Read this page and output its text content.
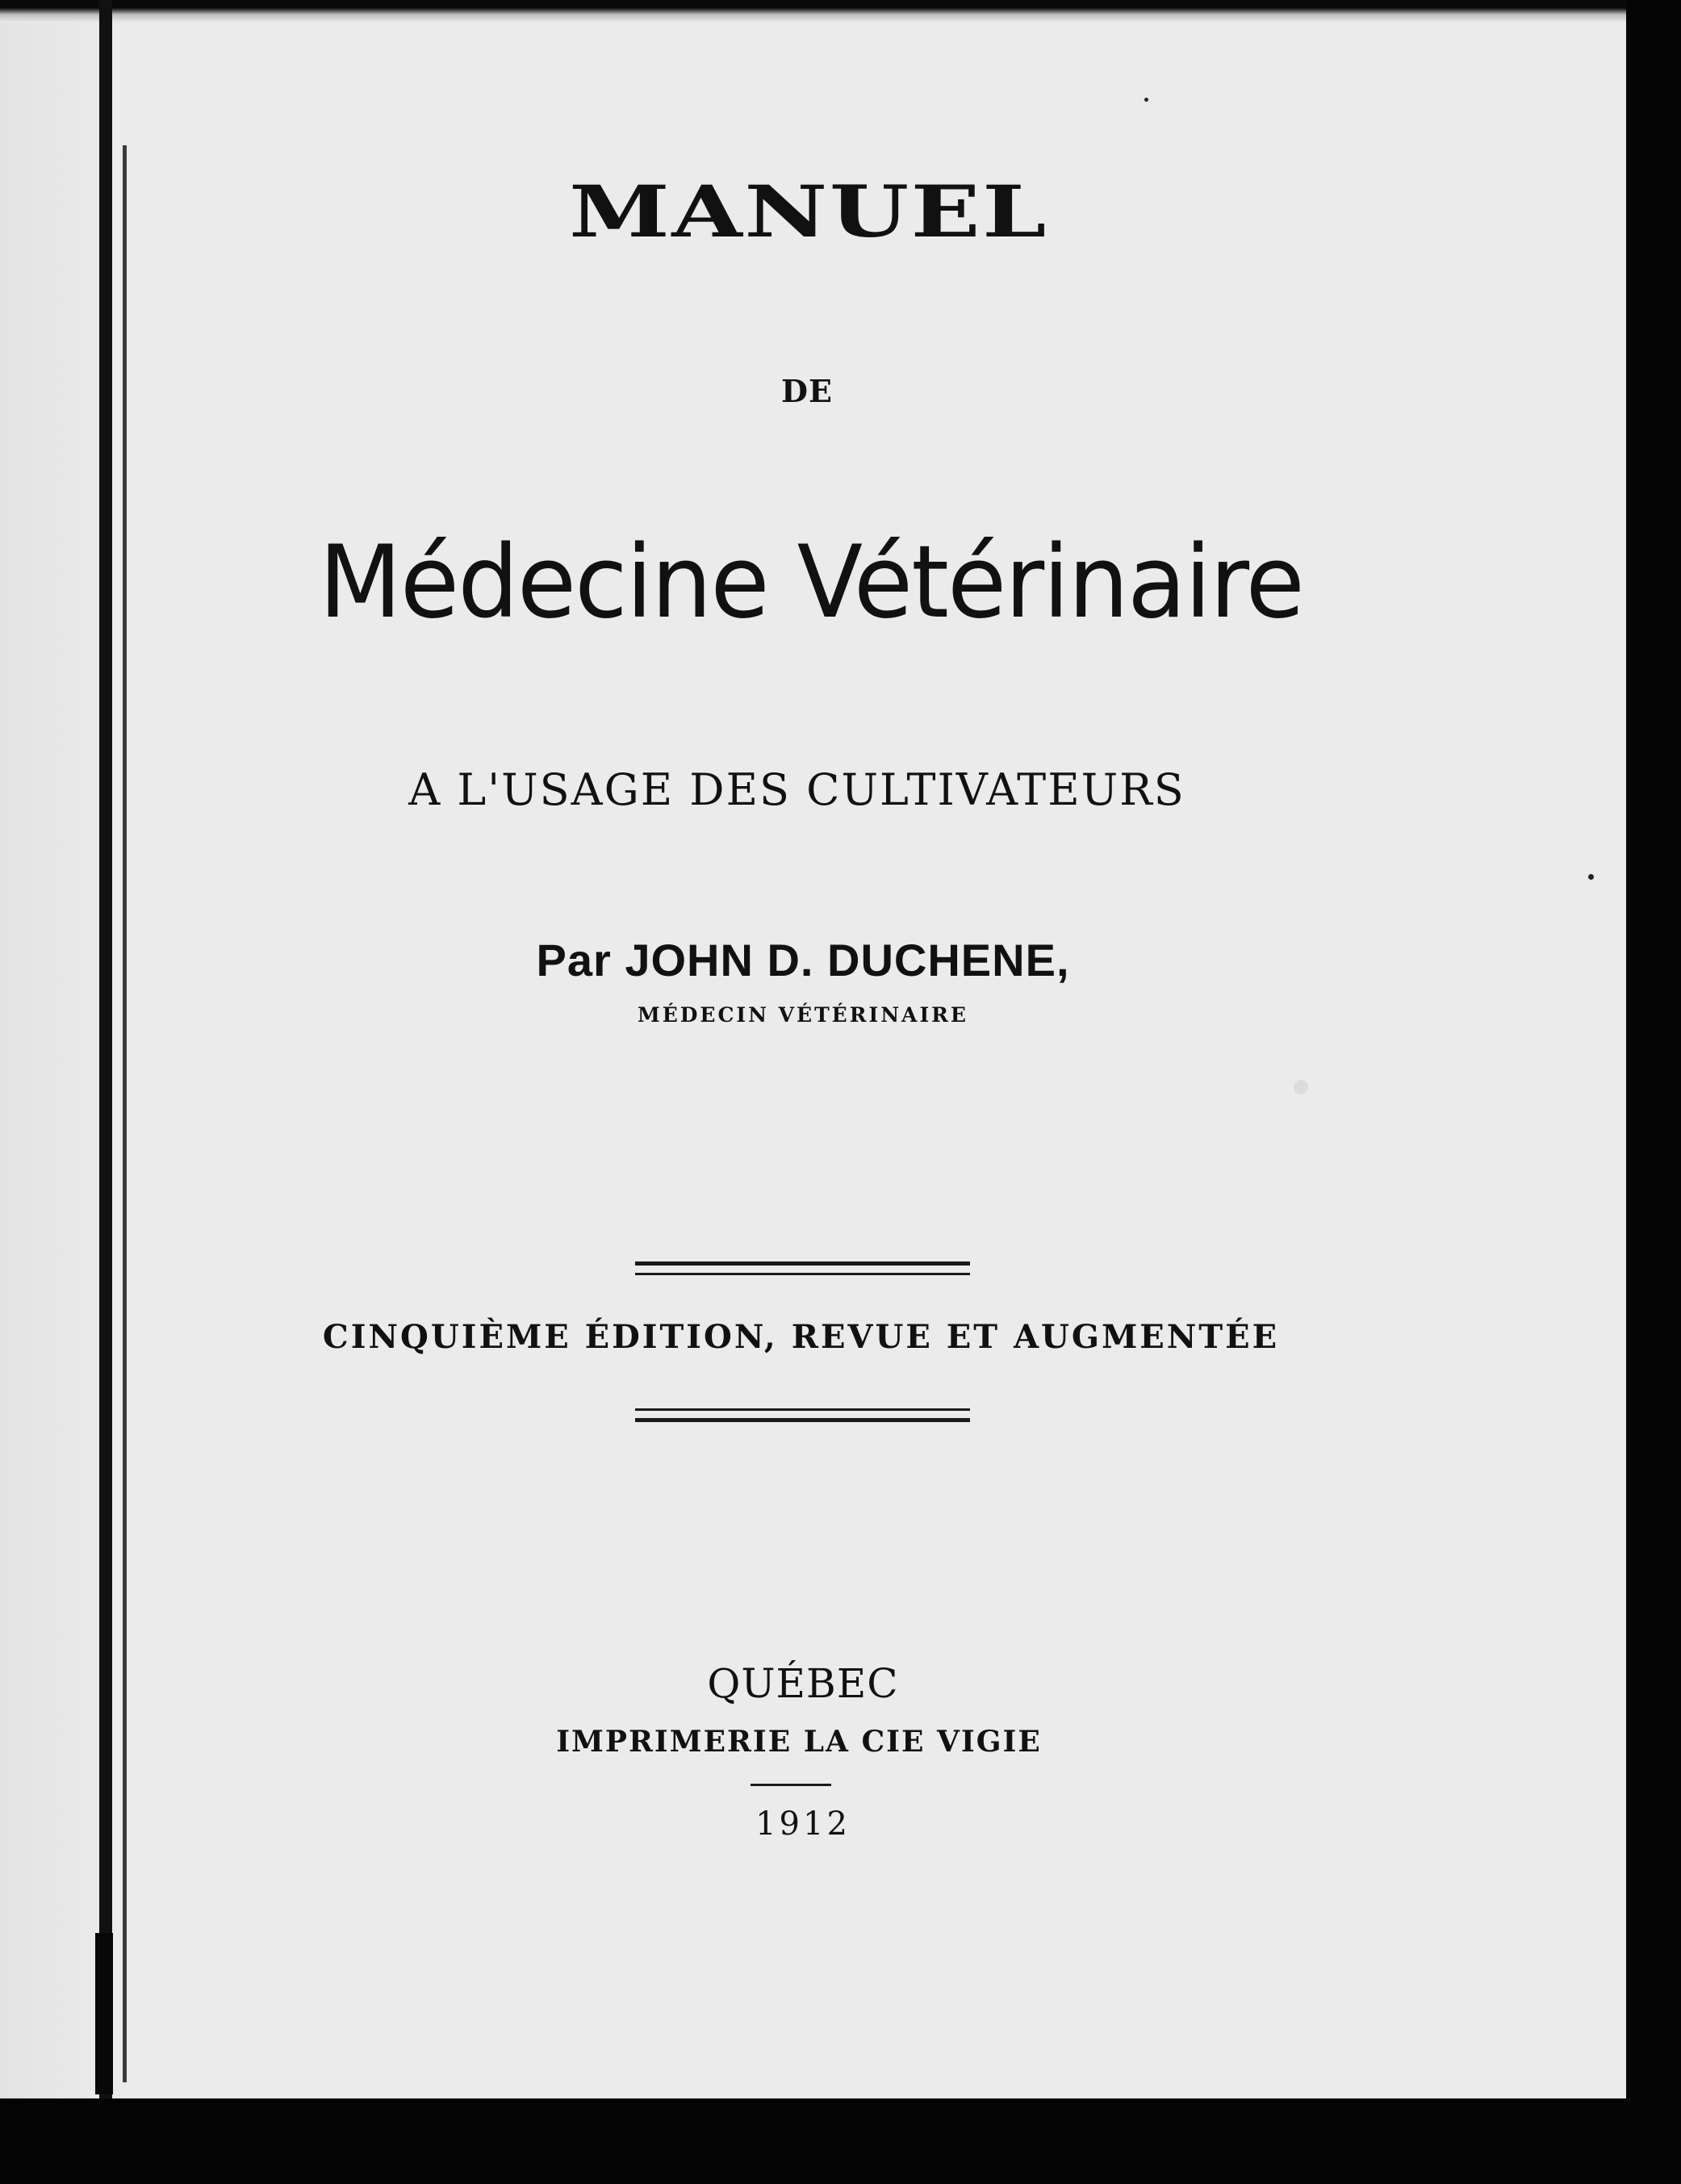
MANUEL
DE
Médecine Vétérinaire
A L'USAGE DES CULTIVATEURS
Par JOHN D. DUCHENE,
MÉDECIN VÉTÉRINAIRE
CINQUIÈME ÉDITION, REVUE ET AUGMENTÉE
QUÉBEC
IMPRIMERIE LA CIE VIGIE
1912
